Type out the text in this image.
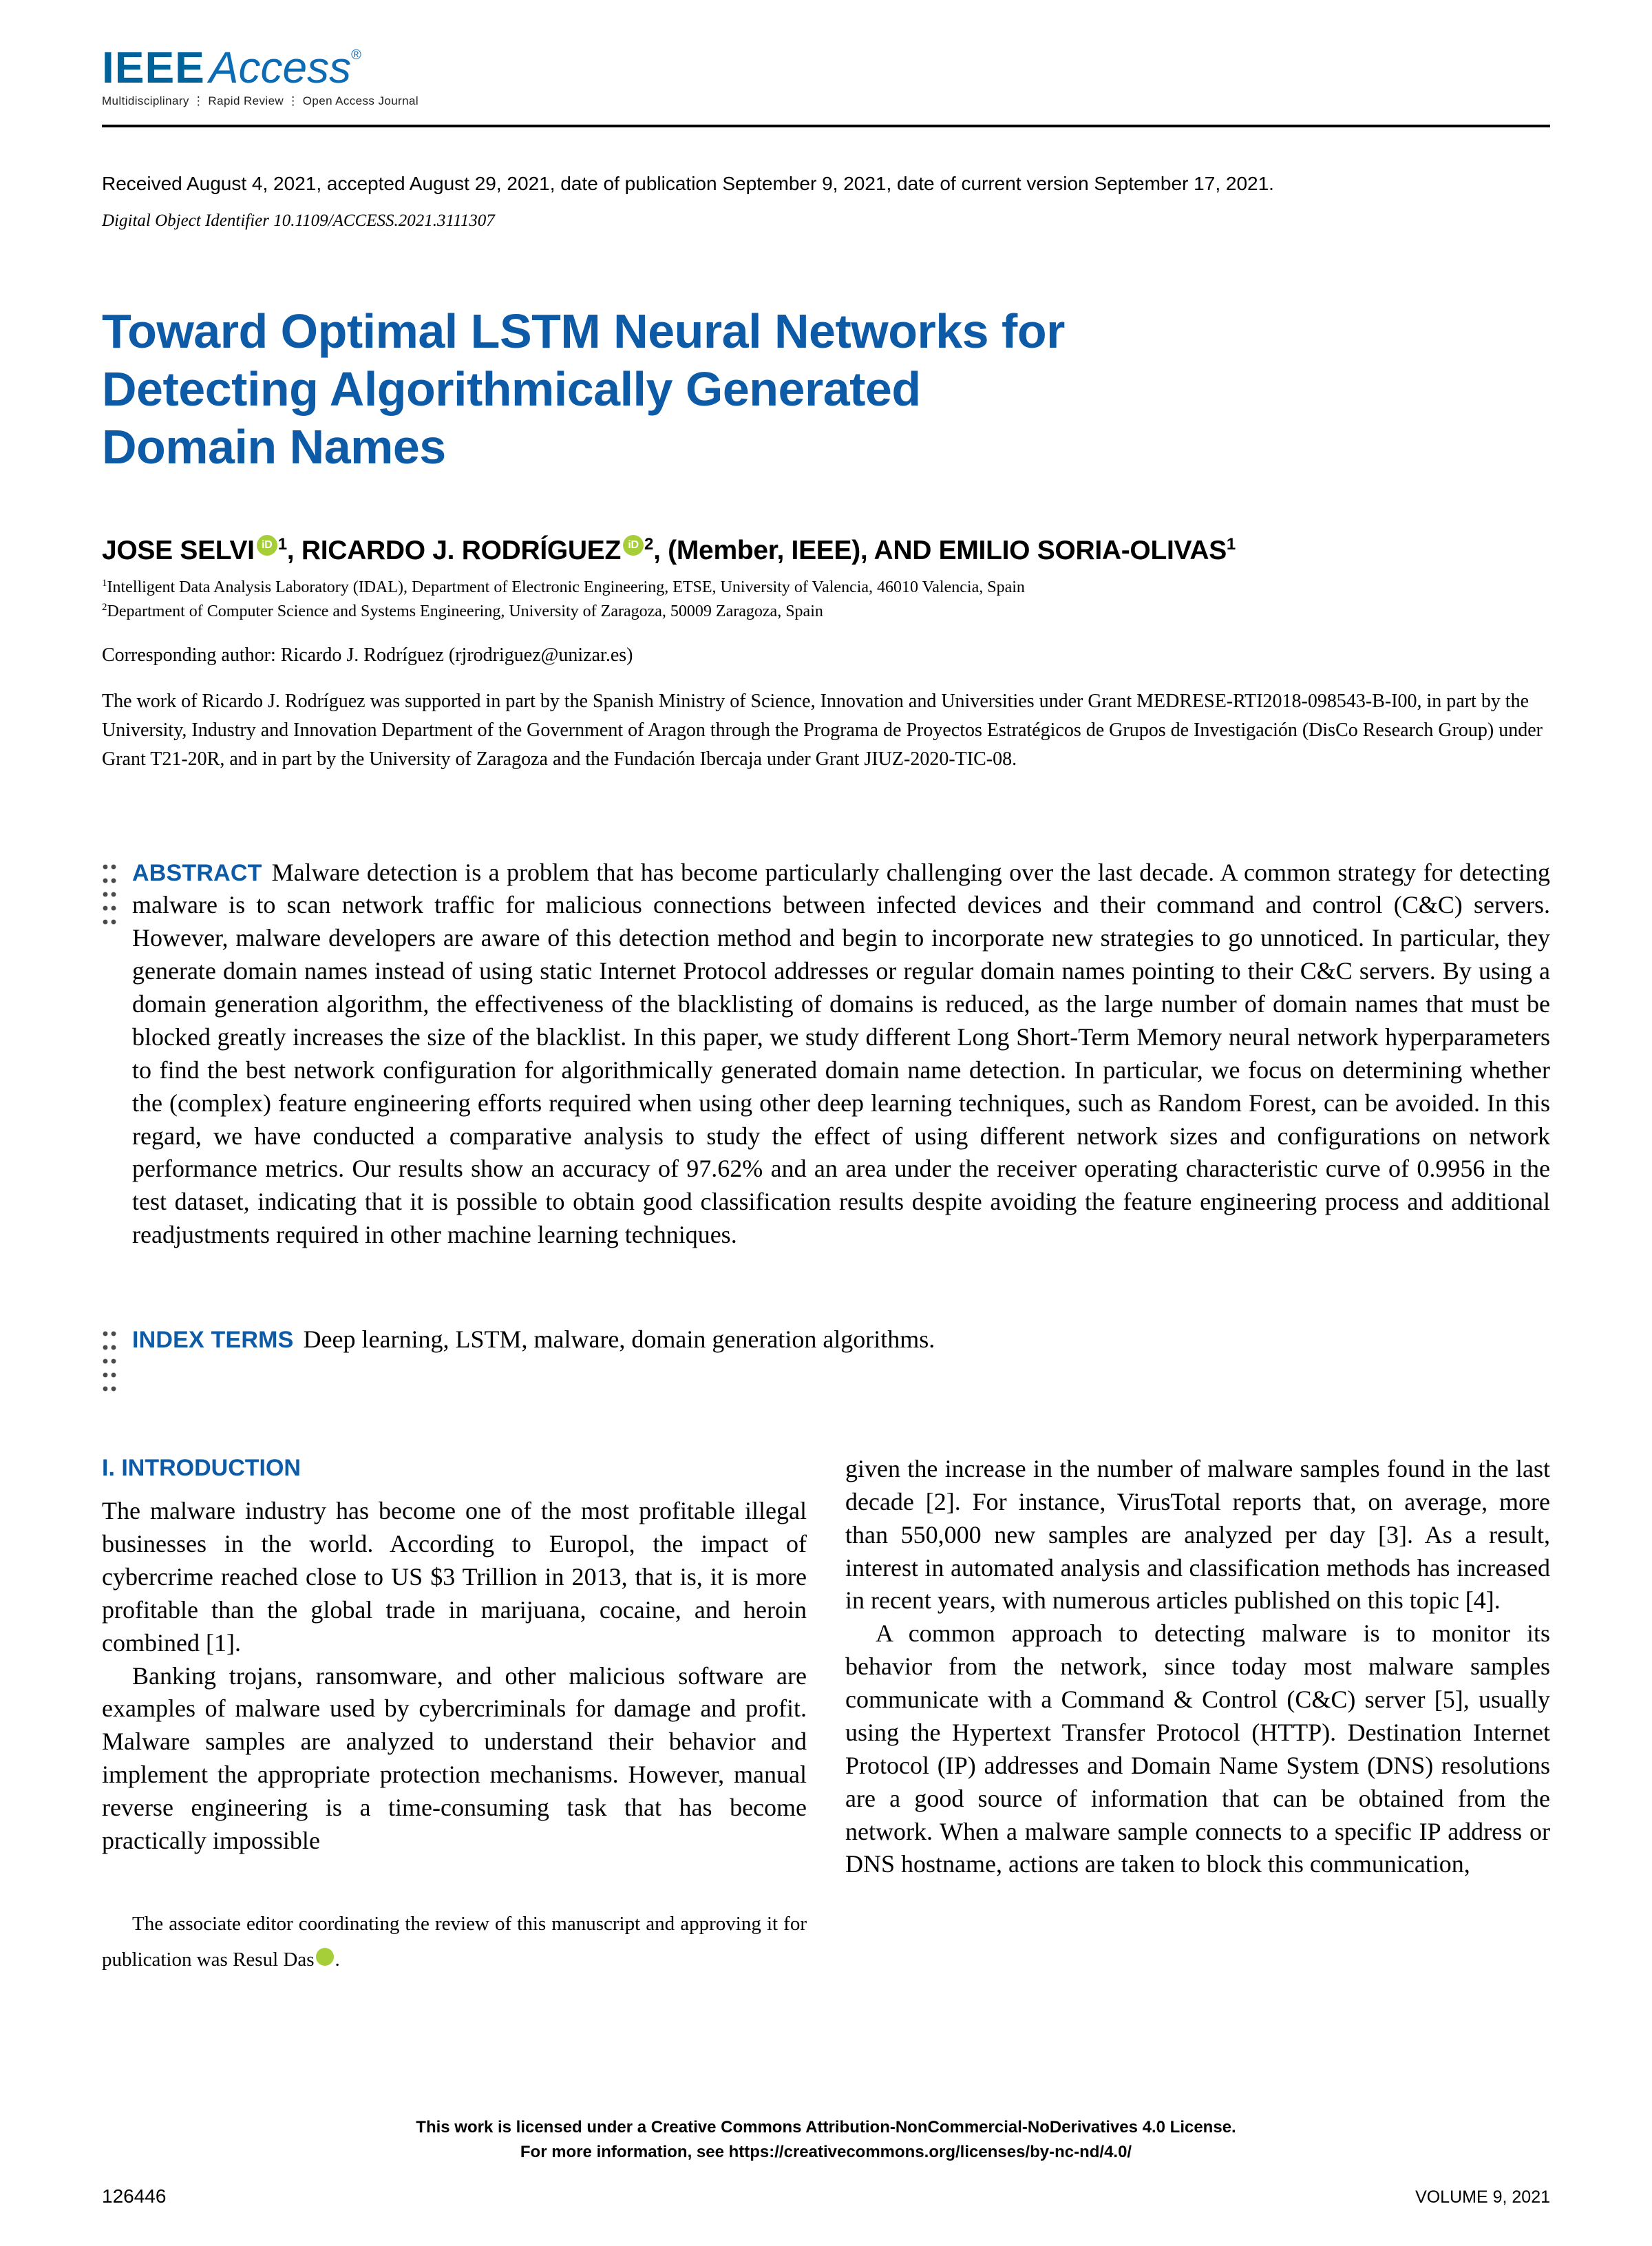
IEEEAccess®
Multidisciplinary ⋮ Rapid Review ⋮ Open Access Journal
Received August 4, 2021, accepted August 29, 2021, date of publication September 9, 2021, date of current version September 17, 2021.
Digital Object Identifier 10.1109/ACCESS.2021.3111307
Toward Optimal LSTM Neural Networks for
Detecting Algorithmically Generated
Domain Names
JOSE SELVI iD $^1$, RICARDO J. RODRÍGUEZ iD $^2$, (Member, IEEE), AND EMILIO SORIA-OLIVAS$^1$
$^1$Intelligent Data Analysis Laboratory (IDAL), Department of Electronic Engineering, ETSE, University of Valencia, 46010 Valencia, Spain
$^2$Department of Computer Science and Systems Engineering, University of Zaragoza, 50009 Zaragoza, Spain
Corresponding author: Ricardo J. Rodríguez (rjrodriguez@unizar.es)
The work of Ricardo J. Rodríguez was supported in part by the Spanish Ministry of Science, Innovation and Universities under Grant MEDRESE-RTI2018-098543-B-I00, in part by the University, Industry and Innovation Department of the Government of Aragon through the Programa de Proyectos Estratégicos de Grupos de Investigación (DisCo Research Group) under Grant T21-20R, and in part by the University of Zaragoza and the Fundación Ibercaja under Grant JIUZ-2020-TIC-08.
ABSTRACT Malware detection is a problem that has become particularly challenging over the last decade. A common strategy for detecting malware is to scan network traffic for malicious connections between infected devices and their command and control (C&C) servers. However, malware developers are aware of this detection method and begin to incorporate new strategies to go unnoticed. In particular, they generate domain names instead of using static Internet Protocol addresses or regular domain names pointing to their C&C servers. By using a domain generation algorithm, the effectiveness of the blacklisting of domains is reduced, as the large number of domain names that must be blocked greatly increases the size of the blacklist. In this paper, we study different Long Short-Term Memory neural network hyperparameters to find the best network configuration for algorithmically generated domain name detection. In particular, we focus on determining whether the (complex) feature engineering efforts required when using other deep learning techniques, such as Random Forest, can be avoided. In this regard, we have conducted a comparative analysis to study the effect of using different network sizes and configurations on network performance metrics. Our results show an accuracy of 97.62% and an area under the receiver operating characteristic curve of 0.9956 in the test dataset, indicating that it is possible to obtain good classification results despite avoiding the feature engineering process and additional readjustments required in other machine learning techniques.
INDEX TERMS Deep learning, LSTM, malware, domain generation algorithms.
I. INTRODUCTION

The malware industry has become one of the most profitable illegal businesses in the world. According to Europol, the impact of cybercrime reached close to US $3 Trillion in 2013, that is, it is more profitable than the global trade in marijuana, cocaine, and heroin combined [1].

Banking trojans, ransomware, and other malicious software are examples of malware used by cybercriminals for damage and profit. Malware samples are analyzed to understand their behavior and implement the appropriate protection mechanisms. However, manual reverse engineering is a time-consuming task that has become practically impossible

The associate editor coordinating the review of this manuscript and approving it for publication was Resul Das	iD.

given the increase in the number of malware samples found in the last decade [2]. For instance, VirusTotal reports that, on average, more than 550,000 new samples are analyzed per day [3]. As a result, interest in automated analysis and classification methods has increased in recent years, with numerous articles published on this topic [4].

A common approach to detecting malware is to monitor its behavior from the network, since today most malware samples communicate with a Command & Control (C&C) server [5], usually using the Hypertext Transfer Protocol (HTTP). Destination Internet Protocol (IP) addresses and Domain Name System (DNS) resolutions are a good source of information that can be obtained from the network. When a malware sample connects to a specific IP address or DNS hostname, actions are taken to block this communication,

This work is licensed under a Creative Commons Attribution-NonCommercial-NoDerivatives 4.0 License.
For more information, see https://creativecommons.org/licenses/by-nc-nd/4.0/
126446	VOLUME 9, 2021
